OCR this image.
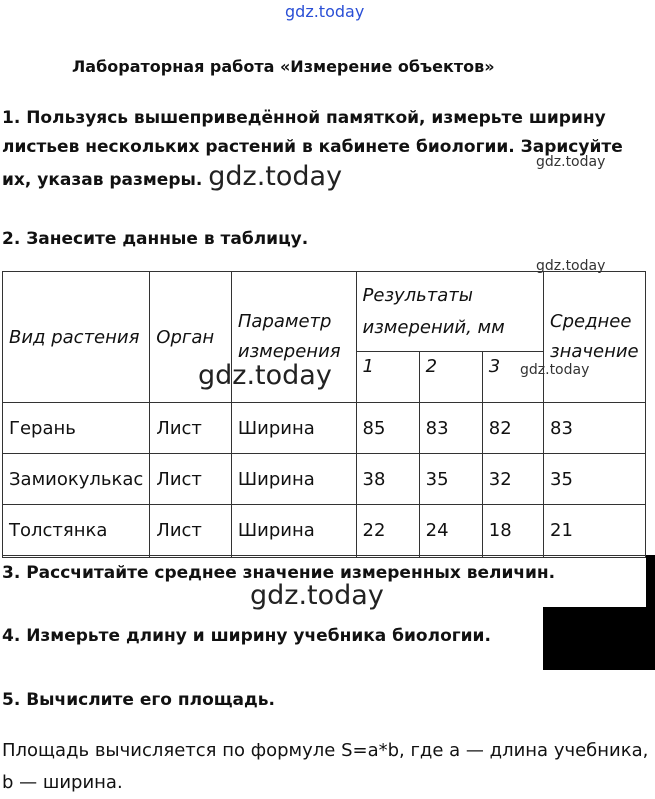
gdz.today
Лабораторная работа «Измерение объектов»
1. Пользуясь вышеприведённой памяткой, измерьте ширину листьев нескольких растений в кабинете биологии. Зарисуйте их, указав размеры. gdz.today	gdz.today
2. Занесите данные в таблицу.
gdz.today
Вид растения	Орган	Параметр измерения	Результаты измерений, мм			Среднее значение
			1	2	3	
Герань	Лист	Ширина	85	83	82	83
Замиокулькас	Лист	Ширина	38	35	32	35
Толстянка	Лист	Ширина	22	24	18	21

gdz.today	gdz.today
3. Рассчитайте среднее значение измеренных величин.
gdz.today
4. Измерьте длину и ширину учебника биологии.
5. Вычислите его площадь.
Площадь вычисляется по формуле S=a*b, где a — длина учебника, b — ширина.
